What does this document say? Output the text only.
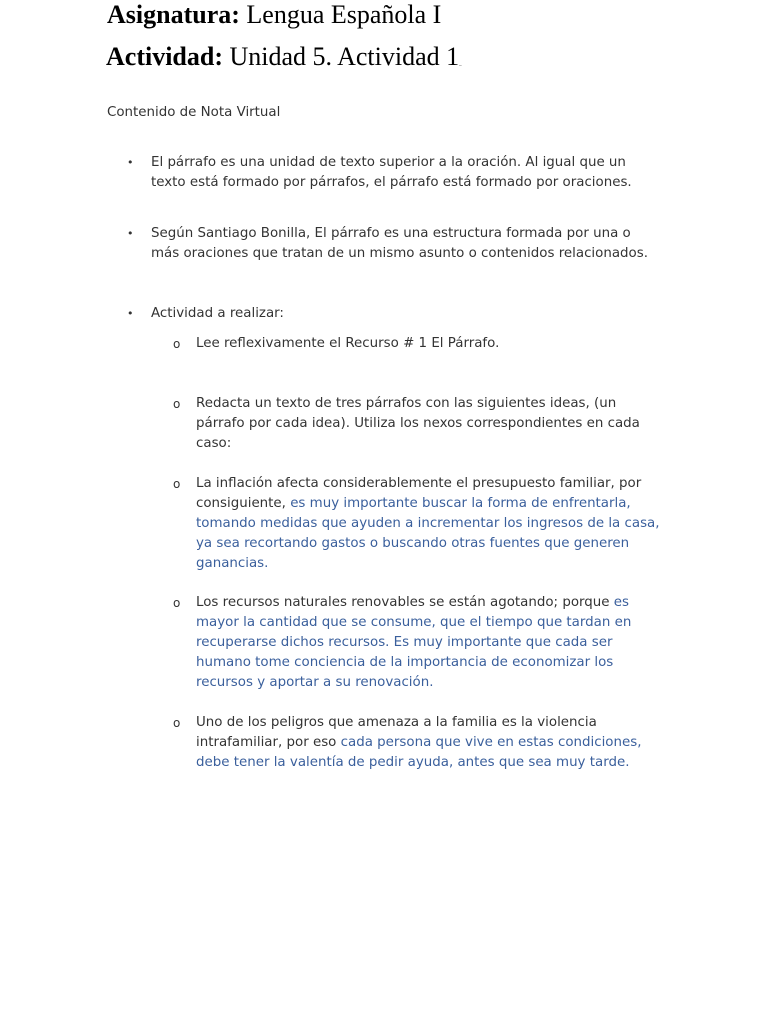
Asignatura: Lengua Española I
Actividad: Unidad 5. Actividad 1_
Contenido de Nota Virtual
• El párrafo es una unidad de texto superior a la oración. Al igual que un texto está formado por párrafos, el párrafo está formado por oraciones.
• Según Santiago Bonilla, El párrafo es una estructura formada por una o más oraciones que tratan de un mismo asunto o contenidos relacionados.
• Actividad a realizar:
o Lee reflexivamente el Recurso # 1 El Párrafo.
o Redacta un texto de tres párrafos con las siguientes ideas, (un párrafo por cada idea). Utiliza los nexos correspondientes en cada caso:
o La inflación afecta considerablemente el presupuesto familiar, por consiguiente, es muy importante buscar la forma de enfrentarla, tomando medidas que ayuden a incrementar los ingresos de la casa, ya sea recortando gastos o buscando otras fuentes que generen ganancias.
o Los recursos naturales renovables se están agotando; porque es mayor la cantidad que se consume, que el tiempo que tardan en recuperarse dichos recursos. Es muy importante que cada ser humano tome conciencia de la importancia de economizar los recursos y aportar a su renovación.
o Uno de los peligros que amenaza a la familia es la violencia intrafamiliar, por eso cada persona que vive en estas condiciones, debe tener la valentía de pedir ayuda, antes que sea muy tarde.
